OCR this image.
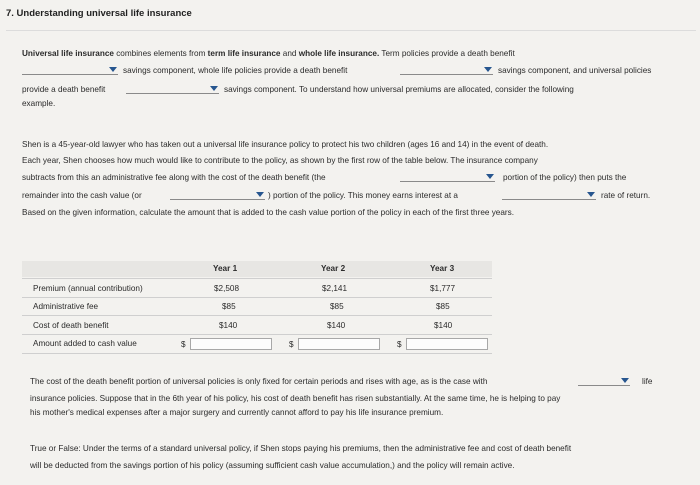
7. Understanding universal life insurance
Universal life insurance combines elements from term life insurance and whole life insurance. Term policies provide a death benefit
savings component, whole life policies provide a death benefit	savings component, and universal policies
provide a death benefit	savings component. To understand how universal premiums are allocated, consider the following
example.
Shen is a 45-year-old lawyer who has taken out a universal life insurance policy to protect his two children (ages 16 and 14) in the event of death.
Each year, Shen chooses how much would like to contribute to the policy, as shown by the first row of the table below. The insurance company
subtracts from this an administrative fee along with the cost of the death benefit (the	portion of the policy) then puts the
remainder into the cash value (or	) portion of the policy. This money earns interest at a	rate of return.
Based on the given information, calculate the amount that is added to the cash value portion of the policy in each of the first three years.
Year 1	Year 2	Year 3
Premium (annual contribution)	$2,508	$2,141	$1,777
Administrative fee	$85	$85	$85
Cost of death benefit	$140	$140	$140
Amount added to cash value	$	$	$
The cost of the death benefit portion of universal policies is only fixed for certain periods and rises with age, as is the case with	life
insurance policies. Suppose that in the 6th year of his policy, his cost of death benefit has risen substantially. At the same time, he is helping to pay
his mother's medical expenses after a major surgery and currently cannot afford to pay his life insurance premium.
True or False: Under the terms of a standard universal policy, if Shen stops paying his premiums, then the administrative fee and cost of death benefit
will be deducted from the savings portion of his policy (assuming sufficient cash value accumulation,) and the policy will remain active.
